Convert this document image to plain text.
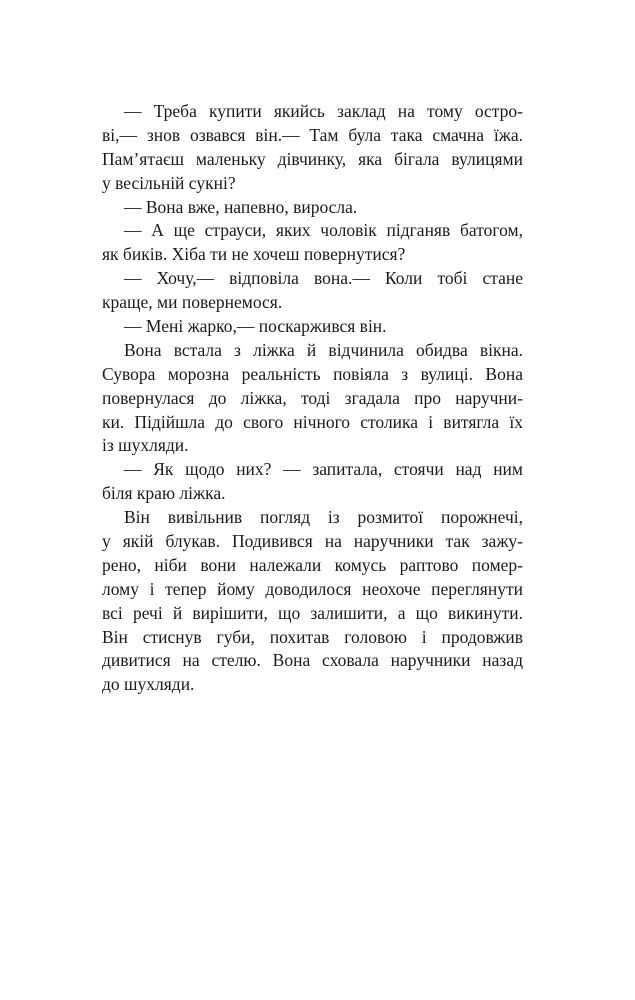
— Треба купити якийсь заклад на тому остро-
ві,— знов озвався він.— Там була така смачна їжа.
Пам’ятаєш маленьку дівчинку, яка бігала вулицями
у весільній сукні?
— Вона вже, напевно, виросла.
— А ще страуси, яких чоловік підганяв батогом,
як биків. Хіба ти не хочеш повернутися?
— Хочу,— відповіла вона.— Коли тобі стане
краще, ми повернемося.
— Мені жарко,— поскаржився він.
Вона встала з ліжка й відчинила обидва вікна.
Сувора морозна реальність повіяла з вулиці. Вона
повернулася до ліжка, тоді згадала про наручни-
ки. Підійшла до свого нічного столика і витягла їх
із шухляди.
— Як щодо них? — запитала, стоячи над ним
біля краю ліжка.
Він вивільнив погляд із розмитої порожнечі,
у якій блукав. Подивився на наручники так зажу-
рено, ніби вони належали комусь раптово помер-
лому і тепер йому доводилося неохоче переглянути
всі речі й вирішити, що залишити, а що викинути.
Він стиснув губи, похитав головою і продовжив
дивитися на стелю. Вона сховала наручники назад
до шухляди.
